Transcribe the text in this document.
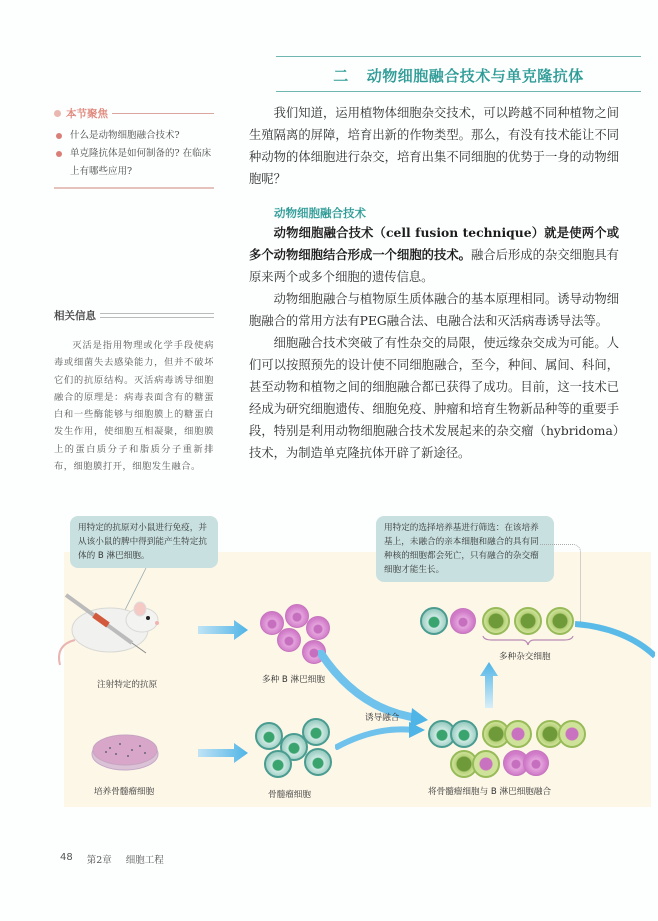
二 动物细胞融合技术与单克隆抗体
本节聚焦
什么是动物细胞融合技术?
单克隆抗体是如何制备的? 在临床上有哪些应用?
相关信息
灭活是指用物理或化学手段使病毒或细菌失去感染能力，但并不破坏它们的抗原结构。灭活病毒诱导细胞融合的原理是：病毒表面含有的糖蛋白和一些酶能够与细胞膜上的糖蛋白发生作用，使细胞互相凝聚，细胞膜上的蛋白质分子和脂质分子重新排布，细胞膜打开，细胞发生融合。

我们知道，运用植物体细胞杂交技术，可以跨越不同种植物之间生殖隔离的屏障，培育出新的作物类型。那么，有没有技术能让不同种动物的体细胞进行杂交，培育出集不同细胞的优势于一身的动物细胞呢？

动物细胞融合技术

动物细胞融合技术（cell fusion technique）就是使两个或多个动物细胞结合形成一个细胞的技术。融合后形成的杂交细胞具有原来两个或多个细胞的遗传信息。

动物细胞融合与植物原生质体融合的基本原理相同。诱导动物细胞融合的常用方法有PEG融合法、电融合法和灭活病毒诱导法等。

细胞融合技术突破了有性杂交的局限，使远缘杂交成为可能。人们可以按照预先的设计使不同细胞融合，至今，种间、属间、科间，甚至动物和植物之间的细胞融合都已获得了成功。目前，这一技术已经成为研究细胞遗传、细胞免疫、肿瘤和培育生物新品种等的重要手段，特别是利用动物细胞融合技术发展起来的杂交瘤（hybridoma）技术，为制造单克隆抗体开辟了新途径。

用特定的抗原对小鼠进行免疫，并从该小鼠的脾中得到能产生特定抗体的 B 淋巴细胞。
用特定的选择培养基进行筛选：在该培养基上，未融合的亲本细胞和融合的具有同种核的细胞都会死亡，只有融合的杂交瘤细胞才能生长。
注射特定的抗原	多种 B 淋巴细胞
多种杂交细胞
培养骨髓瘤细胞	骨髓瘤细胞
诱导融合
将骨髓瘤细胞与 B 淋巴细胞融合
48 第2章 细胞工程
